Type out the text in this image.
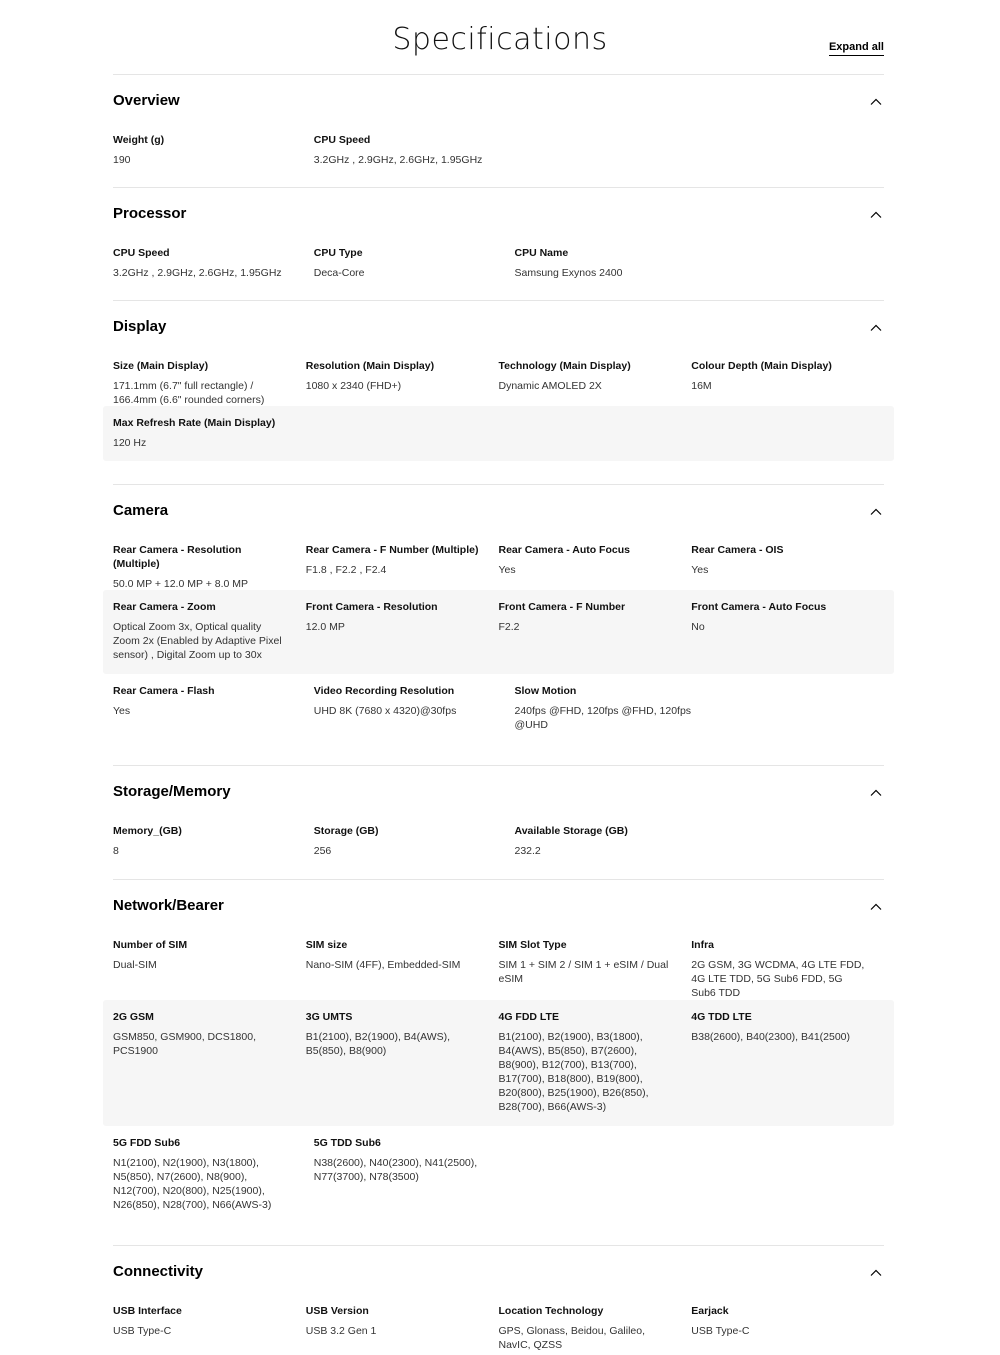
Specifications	Expand all
Overview
Weight (g)
190
CPU Speed
3.2GHz , 2.9GHz, 2.6GHz, 1.95GHz
Processor
CPU Speed
3.2GHz , 2.9GHz, 2.6GHz, 1.95GHz
CPU Type
Deca-Core
CPU Name
Samsung Exynos 2400
Display
Size (Main Display)
171.1mm (6.7" full rectangle) / 166.4mm (6.6" rounded corners)
Resolution (Main Display)
1080 x 2340 (FHD+)
Technology (Main Display)
Dynamic AMOLED 2X
Colour Depth (Main Display)
16M
Max Refresh Rate (Main Display)
120 Hz
Camera
Rear Camera - Resolution (Multiple)
50.0 MP + 12.0 MP + 8.0 MP
Rear Camera - F Number (Multiple)
F1.8 , F2.2 , F2.4
Rear Camera - Auto Focus
Yes
Rear Camera - OIS
Yes
Rear Camera - Zoom
Optical Zoom 3x, Optical quality Zoom 2x (Enabled by Adaptive Pixel sensor) , Digital Zoom up to 30x
Front Camera - Resolution
12.0 MP
Front Camera - F Number
F2.2
Front Camera - Auto Focus
No
Rear Camera - Flash
Yes
Video Recording Resolution
UHD 8K (7680 x 4320)@30fps
Slow Motion
240fps @FHD, 120fps @FHD, 120fps @UHD
Storage/Memory
Memory_(GB)
8
Storage (GB)
256
Available Storage (GB)
232.2
Network/Bearer
Number of SIM
Dual-SIM
SIM size
Nano-SIM (4FF), Embedded-SIM
SIM Slot Type
SIM 1 + SIM 2 / SIM 1 + eSIM / Dual eSIM
Infra
2G GSM, 3G WCDMA, 4G LTE FDD, 4G LTE TDD, 5G Sub6 FDD, 5G Sub6 TDD
2G GSM
GSM850, GSM900, DCS1800, PCS1900
3G UMTS
B1(2100), B2(1900), B4(AWS), B5(850), B8(900)
4G FDD LTE
B1(2100), B2(1900), B3(1800), B4(AWS), B5(850), B7(2600), B8(900), B12(700), B13(700), B17(700), B18(800), B19(800), B20(800), B25(1900), B26(850), B28(700), B66(AWS-3)
4G TDD LTE
B38(2600), B40(2300), B41(2500)
5G FDD Sub6
N1(2100), N2(1900), N3(1800), N5(850), N7(2600), N8(900), N12(700), N20(800), N25(1900), N26(850), N28(700), N66(AWS-3)
5G TDD Sub6
N38(2600), N40(2300), N41(2500), N77(3700), N78(3500)
Connectivity
USB Interface
USB Type-C
USB Version
USB 3.2 Gen 1
Location Technology
GPS, Glonass, Beidou, Galileo, NavIC, QZSS
Earjack
USB Type-C
